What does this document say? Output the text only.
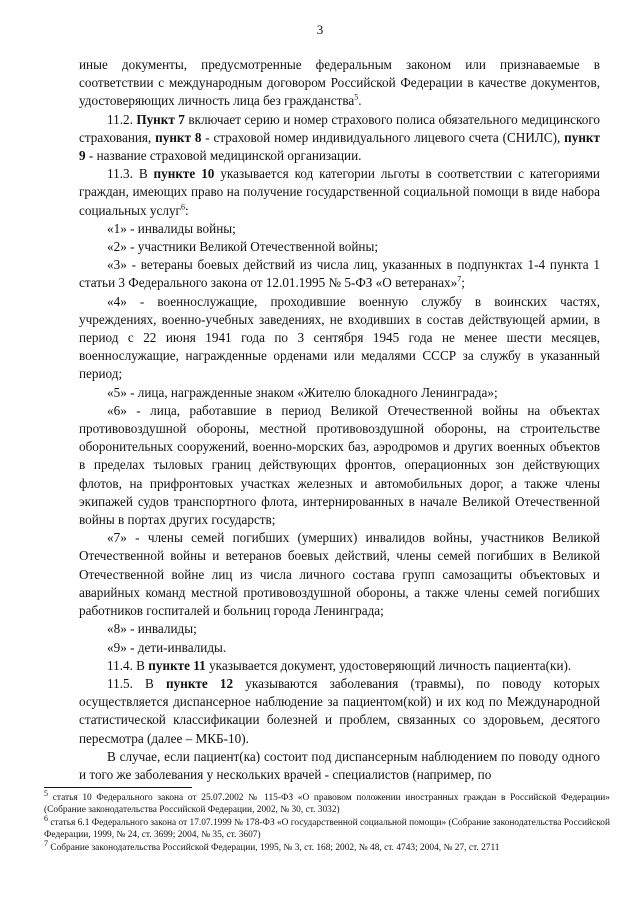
3

иные документы, предусмотренные федеральным законом или признаваемые в соответствии с международным договором Российской Федерации в качестве документов, удостоверяющих личность лица без гражданства$^5$.

11.2. Пункт 7 включает серию и номер страхового полиса обязательного медицинского страхования, пункт 8 - страховой номер индивидуального лицевого счета (СНИЛС), пункт 9 - название страховой медицинской организации.

11.3. В пункте 10 указывается код категории льготы в соответствии с категориями граждан, имеющих право на получение государственной социальной помощи в виде набора социальных услуг$^6$:

«1» - инвалиды войны;

«2» - участники Великой Отечественной войны;

«3» - ветераны боевых действий из числа лиц, указанных в подпунктах 1-4 пункта 1 статьи 3 Федерального закона от 12.01.1995 № 5-ФЗ «О ветеранах»$^7$;

«4» - военнослужащие, проходившие военную службу в воинских частях, учреждениях, военно-учебных заведениях, не входивших в состав действующей армии, в период с 22 июня 1941 года по 3 сентября 1945 года не менее шести месяцев, военнослужащие, награжденные орденами или медалями СССР за службу в указанный период;

«5» - лица, награжденные знаком «Жителю блокадного Ленинграда»;

«6» - лица, работавшие в период Великой Отечественной войны на объектах противовоздушной обороны, местной противовоздушной обороны, на строительстве оборонительных сооружений, военно-морских баз, аэродромов и других военных объектов в пределах тыловых границ действующих фронтов, операционных зон действующих флотов, на прифронтовых участках железных и автомобильных дорог, а также члены экипажей судов транспортного флота, интернированных в начале Великой Отечественной войны в портах других государств;

«7» - члены семей погибших (умерших) инвалидов войны, участников Великой Отечественной войны и ветеранов боевых действий, члены семей погибших в Великой Отечественной войне лиц из числа личного состава групп самозащиты объектовых и аварийных команд местной противовоздушной обороны, а также члены семей погибших работников госпиталей и больниц города Ленинграда;

«8» - инвалиды;

«9» - дети-инвалиды.

11.4. В пункте 11 указывается документ, удостоверяющий личность пациента(ки).

11.5. В пункте 12 указываются заболевания (травмы), по поводу которых осуществляется диспансерное наблюдение за пациентом(кой) и их код по Международной статистической классификации болезней и проблем, связанных со здоровьем, десятого пересмотра (далее – МКБ-10).

В случае, если пациент(ка) состоит под диспансерным наблюдением по поводу одного и того же заболевания у нескольких врачей - специалистов (например, по

$^5$ статья 10 Федерального закона от 25.07.2002 № 115-ФЗ «О правовом положении иностранных граждан в Российской Федерации» (Собрание законодательства Российской Федерации, 2002, № 30, ст. 3032)

$^6$ статья 6.1 Федерального закона от 17.07.1999 № 178-ФЗ «О государственной социальной помощи» (Собрание законодательства Российской Федерации, 1999, № 24, ст. 3699; 2004, № 35, ст. 3607)

$^7$ Собрание законодательства Российской Федерации, 1995, № 3, ст. 168; 2002, № 48, ст. 4743; 2004, № 27, ст. 2711
